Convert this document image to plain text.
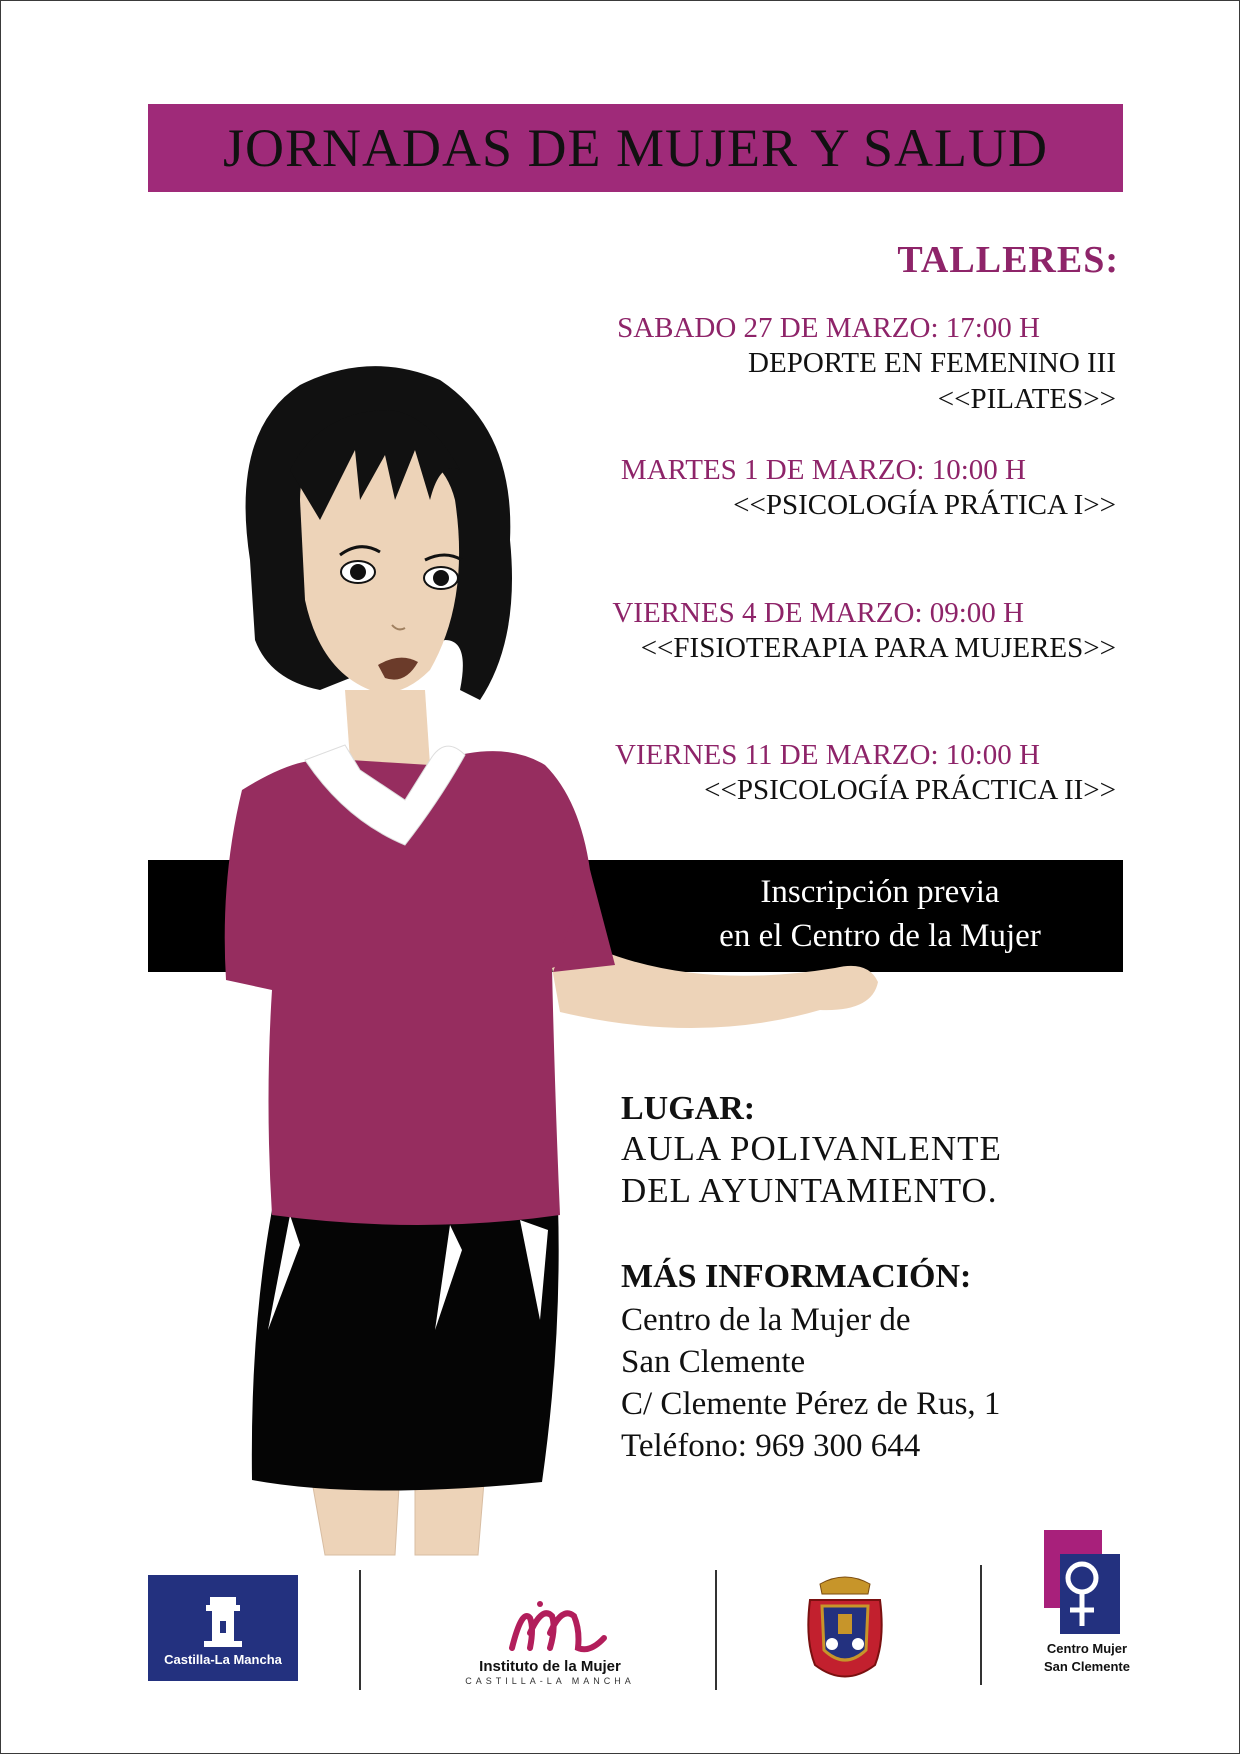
JORNADAS DE MUJER Y SALUD
TALLERES:
SABADO 27 DE MARZO: 17:00 H
DEPORTE EN FEMENINO III
<<PILATES>>
MARTES 1 DE MARZO: 10:00 H
<<PSICOLOGÍA PRÁTICA I>>
VIERNES 4 DE MARZO: 09:00 H
<<FISIOTERAPIA PARA MUJERES>>
VIERNES 11 DE MARZO: 10:00 H
<<PSICOLOGÍA PRÁCTICA II>>
Inscripción previa
en el Centro de la Mujer
LUGAR:
AULA POLIVANLENTE
DEL AYUNTAMIENTO.
MÁS INFORMACIÓN:
Centro de la Mujer de
San Clemente
C/ Clemente Pérez de Rus, 1
Teléfono: 969 300 644
Castilla-La Mancha	Instituto de la Mujer
CASTILLA-LA MANCHA
Centro Mujer
San Clemente
